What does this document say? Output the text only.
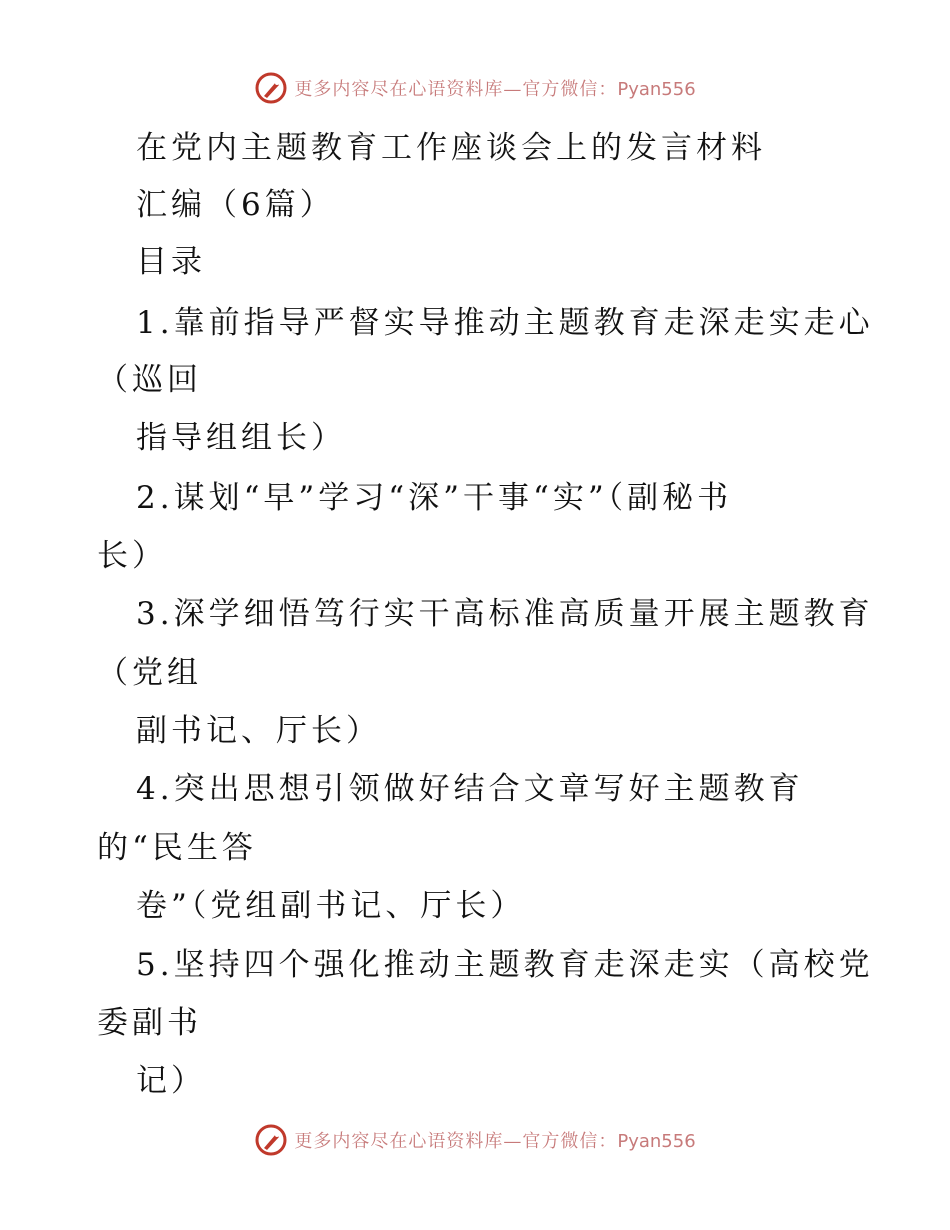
更多内容尽在心语资料库—官方微信：Pyan556
在党内主题教育工作座谈会上的发言材料
汇编（6篇）
目录
1.靠前指导严督实导推动主题教育走深走实走心
（巡回
指导组组长）
2.谋划“早”学习“深”干事“实”（副秘书
长）
3.深学细悟笃行实干高标准高质量开展主题教育
（党组
副书记、厅长）
4.突出思想引领做好结合文章写好主题教育
的“民生答
卷”（党组副书记、厅长）
5.坚持四个强化推动主题教育走深走实（高校党
委副书
记）
更多内容尽在心语资料库—官方微信：Pyan556
